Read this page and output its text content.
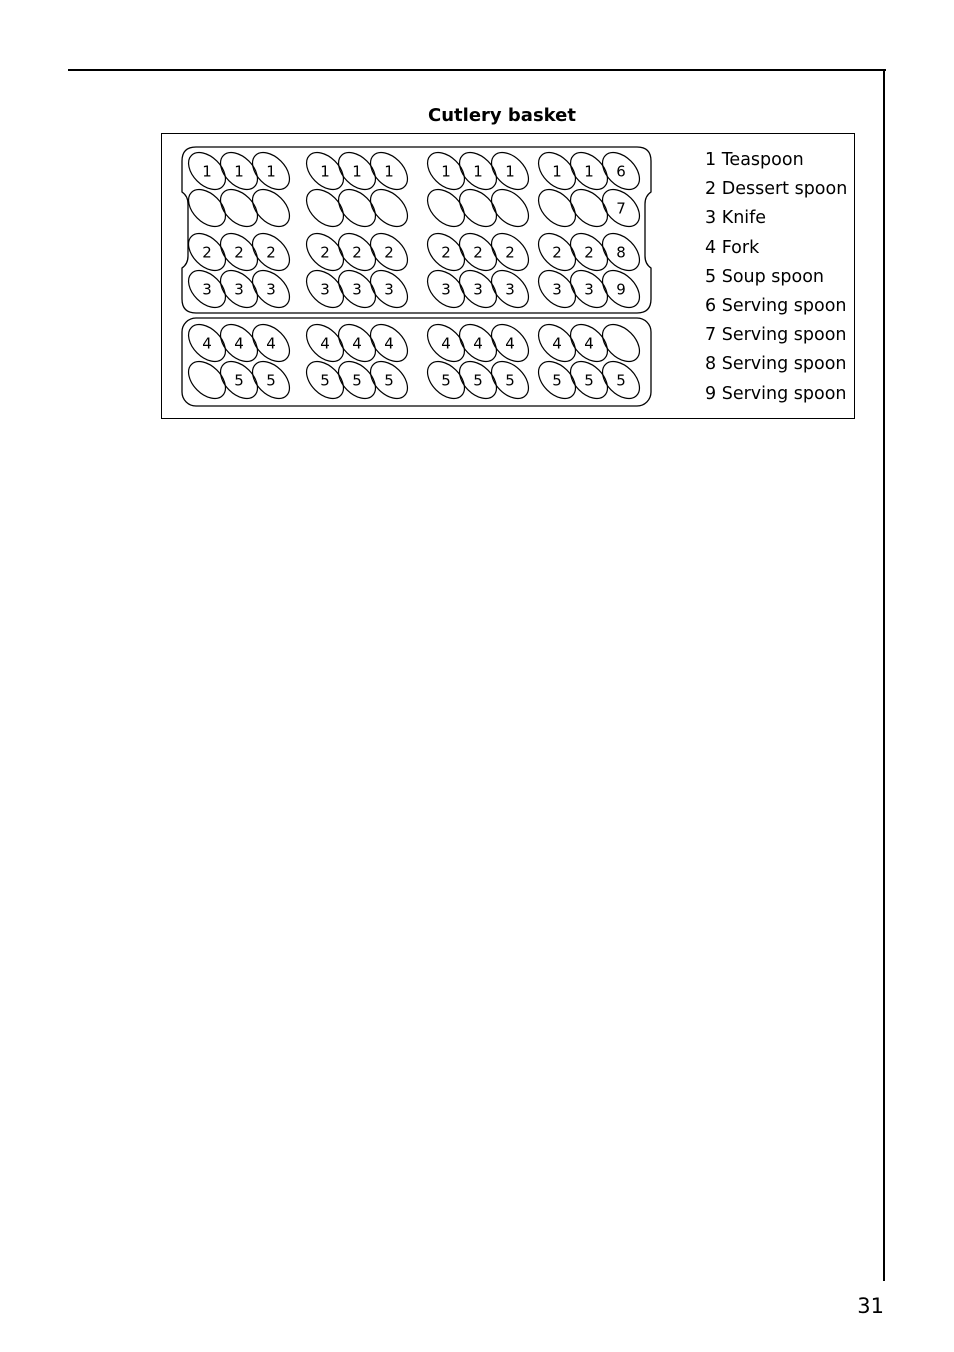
Cutlery basket
1 1 1	1 1 1	1 1 1 1 1 6
7
2 2 2	2 2 2	2 2 2 2 2 8
3 3 3	3 3 3	3 3 3 3 3 9
4 4 4	4 4 4	4 4 4 4 4
5 5	5 5 5	5 5 5 5 5 5
1 Teaspoon
2 Dessert spoon
3 Knife
4 Fork
5 Soup spoon
6 Serving spoon
7 Serving spoon
8 Serving spoon
9 Serving spoon
31
